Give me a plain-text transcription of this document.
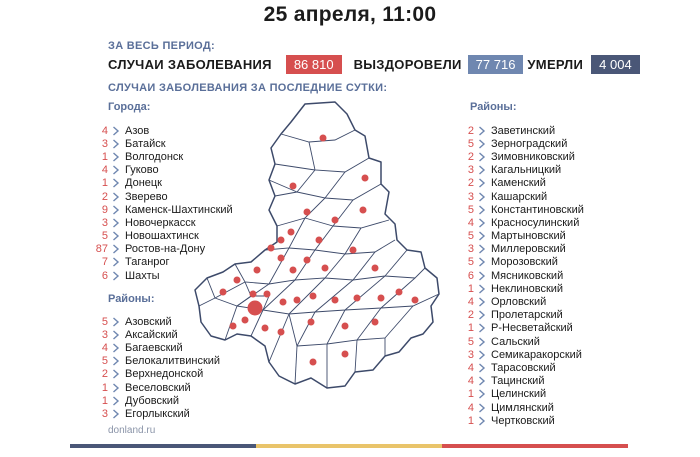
25 апреля, 11:00
ЗА ВЕСЬ ПЕРИОД:
СЛУЧАИ ЗАБОЛЕВАНИЯ	86 810	ВЫЗДОРОВЕЛИ	77 716 УМЕРЛИ	4 004
СЛУЧАИ ЗАБОЛЕВАНИЯ ЗА ПОСЛЕДНИЕ СУТКИ:
Города:
4 Азов
3 Батайск
1 Волгодонск
4 Гуково
1 Донецк
2 Зверево
9 Каменск-Шахтинский
3 Новочеркасск
5 Новошахтинск
87 Ростов-на-Дону
7 Таганрог
6 Шахты
Районы:
5 Азовский
3 Аксайский
4 Багаевский
5 Белокалитвинский
2 Верхнедонской
1 Веселовский
1 Дубовский
3 Егорлыкский
Районы:
2 Заветинский
5 Зерноградский
2 Зимовниковский
3 Кагальницкий
2 Каменский
3 Кашарский
5 Константиновский
4 Красносулинский
5 Мартыновский
3 Миллеровский
5 Морозовский
6 Мясниковский
1 Неклиновский
4 Орловский
2 Пролетарский
1 Р-Несветайский
5 Сальский
3 Семикаракорский
4 Тарасовский
4 Тацинский
1 Целинский
4 Цимлянский
1 Чертковский
donland.ru
